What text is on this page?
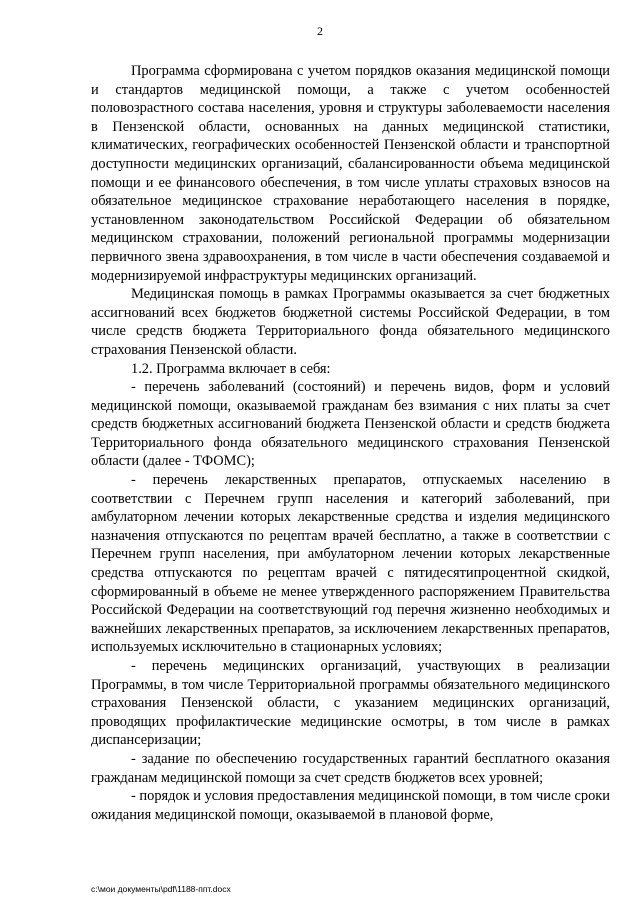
2

Программа сформирована с учетом порядков оказания медицинской помощи и стандартов медицинской помощи, а также с учетом особенностей половозрастного состава населения, уровня и структуры заболеваемости населения в Пензенской области, основанных на данных медицинской статистики, климатических, географических особенностей Пензенской области и транспортной доступности медицинских организаций, сбалансированности объема медицинской помощи и ее финансового обеспечения, в том числе уплаты страховых взносов на обязательное медицинское страхование неработающего населения в порядке, установленном законодательством Российской Федерации об обязательном медицинском страховании, положений региональной программы модернизации первичного звена здравоохранения, в том числе в части обеспечения создаваемой и модернизируемой инфраструктуры медицинских организаций.

Медицинская помощь в рамках Программы оказывается за счет бюджетных ассигнований всех бюджетов бюджетной системы Российской Федерации, в том числе средств бюджета Территориального фонда обязательного медицинского страхования Пензенской области.

1.2. Программа включает в себя:

- перечень заболеваний (состояний) и перечень видов, форм и условий медицинской помощи, оказываемой гражданам без взимания с них платы за счет средств бюджетных ассигнований бюджета Пензенской области и средств бюджета Территориального фонда обязательного медицинского страхования Пензенской области (далее - ТФОМС);

- перечень лекарственных препаратов, отпускаемых населению в соответствии с Перечнем групп населения и категорий заболеваний, при амбулаторном лечении которых лекарственные средства и изделия медицинского назначения отпускаются по рецептам врачей бесплатно, а также в соответствии с Перечнем групп населения, при амбулаторном лечении которых лекарственные средства отпускаются по рецептам врачей с пятидесятипроцентной скидкой, сформированный в объеме не менее утвержденного распоряжением Правительства Российской Федерации на соответствующий год перечня жизненно необходимых и важнейших лекарственных препаратов, за исключением лекарственных препаратов, используемых исключительно в стационарных условиях;

- перечень медицинских организаций, участвующих в реализации Программы, в том числе Территориальной программы обязательного медицинского страхования Пензенской области, с указанием медицинских организаций, проводящих профилактические медицинские осмотры, в том числе в рамках диспансеризации;

- задание по обеспечению государственных гарантий бесплатного оказания гражданам медицинской помощи за счет средств бюджетов всех уровней;

- порядок и условия предоставления медицинской помощи, в том числе сроки ожидания медицинской помощи, оказываемой в плановой форме,

c:\мои документы\pdf\1188-ппт.docx
